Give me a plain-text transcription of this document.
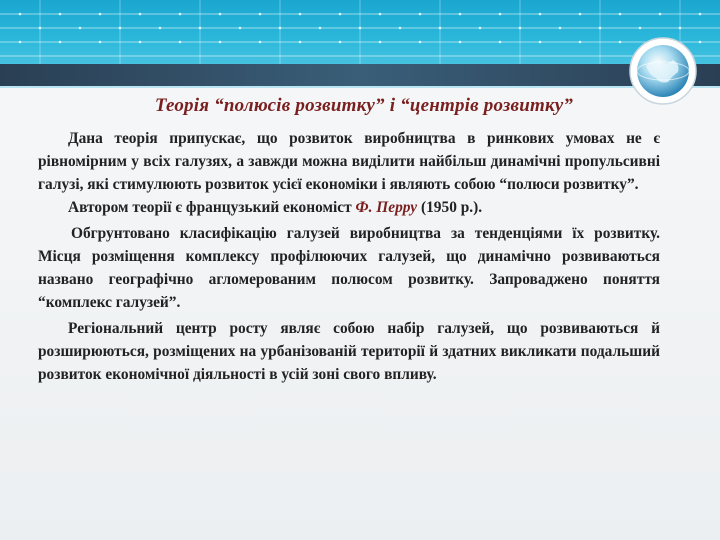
Теорія “полюсів розвитку” і “центрів розвитку”

Дана теорія припускає, що розвиток виробництва в ринкових умовах не є рівномірним у всіх галузях, а завжди можна виділити найбільш динамічні пропульсивні галузі, які стимулюють розвиток усієї економіки і являють собою “полюси розвитку”.

Автором теорії є французький економіст Ф. Перру (1950 р.).

Обгрунтовано класифікацію галузей виробництва за тенденціями їх розвитку. Місця розміщення комплексу профілюючих галузей, що динамічно розвиваються названо географічно агломерованим полюсом розвитку. Запроваджено поняття “комплекс галузей”.

Регіональний центр росту являє собою набір галузей, що розвиваються й розширюються, розміщених на урбанізованій території й здатних викликати подальший розвиток економічної діяльності в усій зоні свого впливу.
